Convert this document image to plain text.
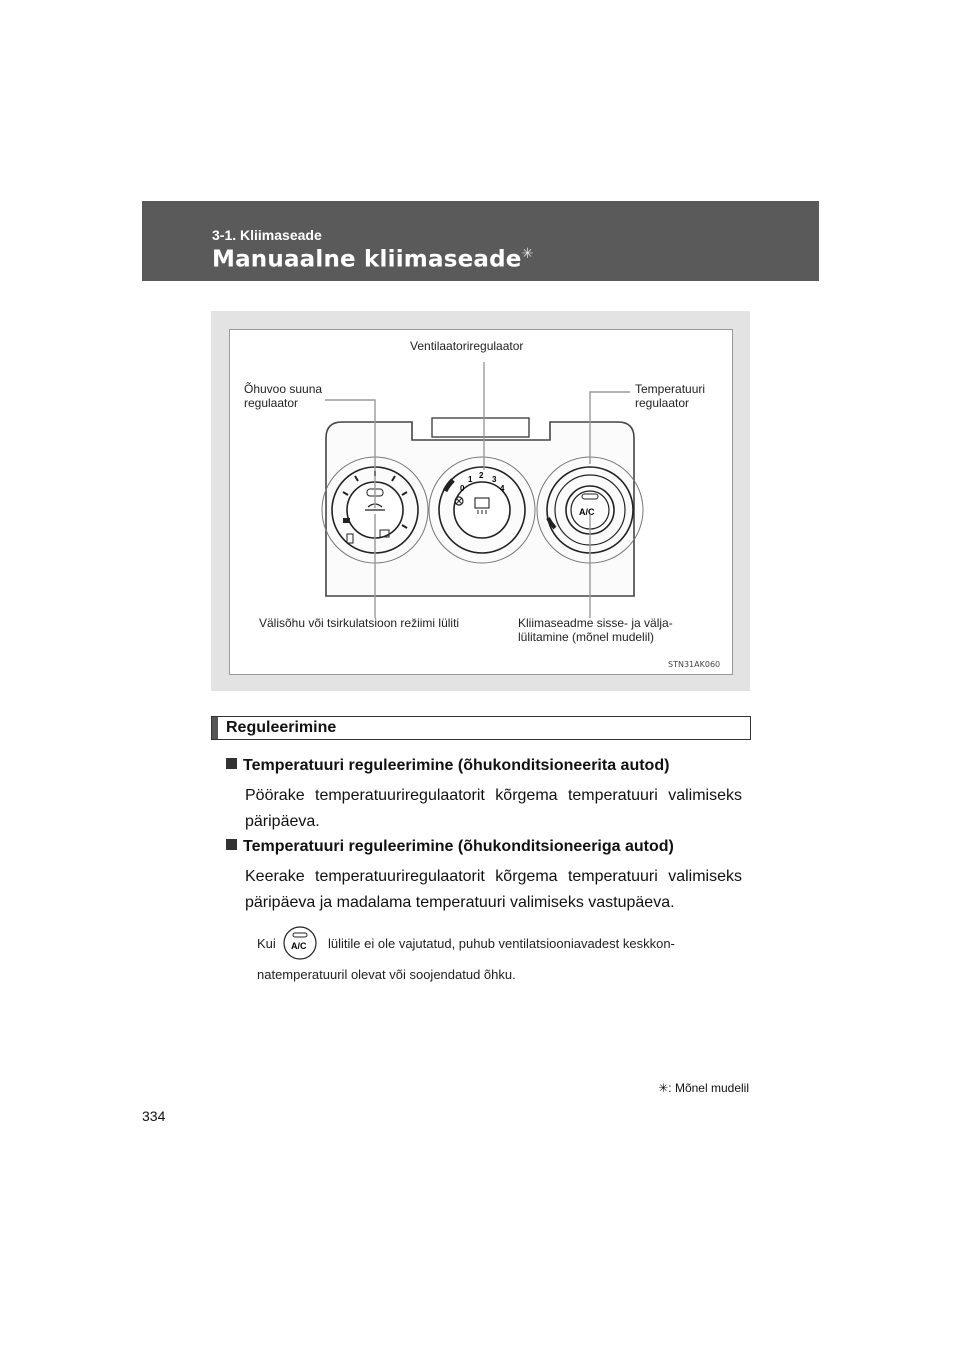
3-1. Kliimaseade
Manuaalne kliimaseade✳
0
1 2 3
4
A/C
Ventilaatoriregulaator
Õhuvoo suuna
regulaator
Temperatuuri
regulaator
Välisõhu või tsirkulatsioon režiimi lüliti	Kliimaseadme sisse- ja välja-
lülitamine (mõnel mudelil)
STN31AK060
Reguleerimine
Temperatuuri reguleerimine (õhukonditsioneerita autod)
Pöörake temperatuuriregulaatorit kõrgema temperatuuri valimiseks päripäeva.
Temperatuuri reguleerimine (õhukonditsioneeriga autod)
Keerake temperatuuriregulaatorit kõrgema temperatuuri valimiseks päripäeva ja madalama temperatuuri valimiseks vastupäeva.
Kui A/C lülitile ei ole vajutatud, puhub ventilatsiooniavadest keskkon-
natemperatuuril olevat või soojendatud õhku.
✳: Mõnel mudelil
334
